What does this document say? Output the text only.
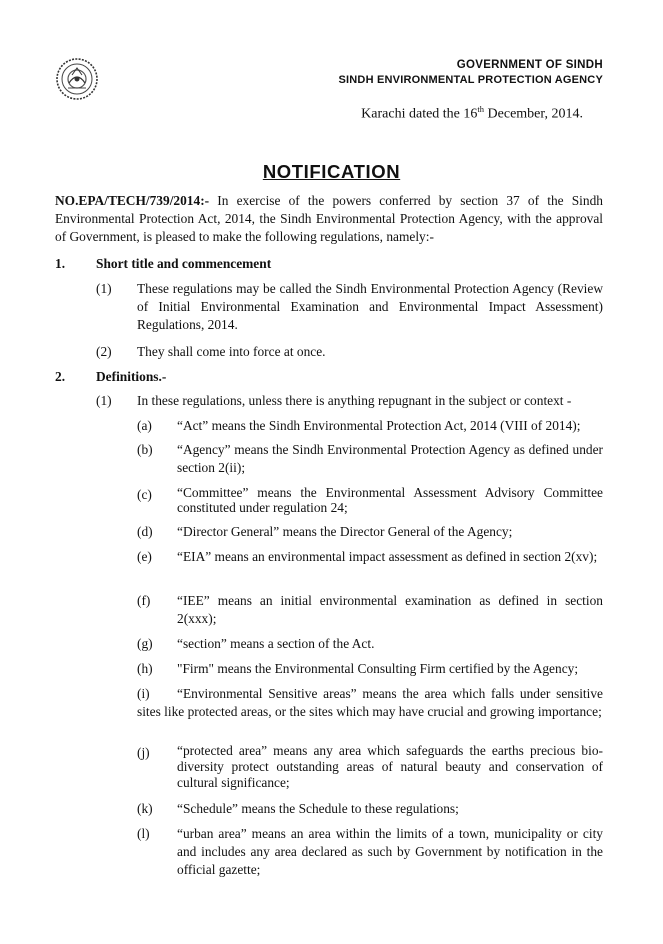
GOVERNMENT OF SINDH
SINDH ENVIRONMENTAL PROTECTION AGENCY
Karachi dated the 16th December, 2014.
NOTIFICATION
NO.EPA/TECH/739/2014:- In exercise of the powers conferred by section 37 of the Sindh Environmental Protection Act, 2014, the Sindh Environmental Protection Agency, with the approval of Government, is pleased to make the following regulations, namely:-
1. Short title and commencement
(1) These regulations may be called the Sindh Environmental Protection Agency (Review of Initial Environmental Examination and Environmental Impact Assessment) Regulations, 2014.
(2) They shall come into force at once.
2. Definitions.-
(1) In these regulations, unless there is anything repugnant in the subject or context -
(a) “Act” means the Sindh Environmental Protection Act, 2014 (VIII of 2014);
(b) “Agency” means the Sindh Environmental Protection Agency as defined under section 2(ii);
(c) “Committee” means the Environmental Assessment Advisory Committee constituted under regulation 24;
(d) “Director General” means the Director General of the Agency;
(e) “EIA” means an environmental impact assessment as defined in section 2(xv);
(f) “IEE” means an initial environmental examination as defined in section 2(xxx);
(g) “section” means a section of the Act.
(h) "Firm" means the Environmental Consulting Firm certified by the Agency;
(i)	“Environmental Sensitive areas” means the area which falls under sensitive sites like protected areas, or the sites which may have crucial and growing importance;
(j) “protected area” means any area which safeguards the earths precious bio-diversity protect outstanding areas of natural beauty and conservation of cultural significance;
(k) “Schedule” means the Schedule to these regulations;
(l) “urban area” means an area within the limits of a town, municipality or city and includes any area declared as such by Government by notification in the official gazette;
